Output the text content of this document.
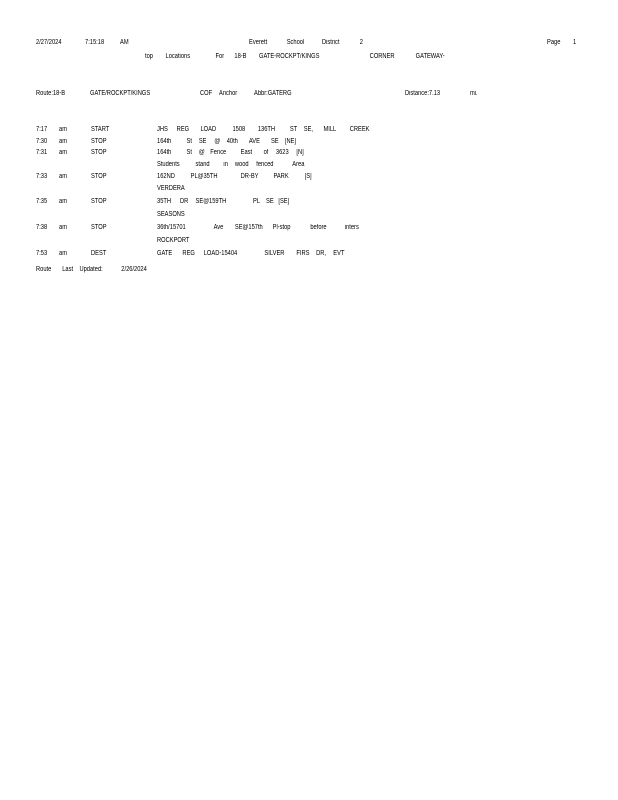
2/27/2024	7:15:18 AM	Everett	School	District	2	Page 1
top	Locations	For	18-B	GATE-ROCKPT/KINGS	CORNER	GATEWAY-
Route:18-B	GATE/ROCKPT/KINGS	COF Anchor Abbr:GATERG	Distance:7.13	mi.
7:17 am	START	JHS	REG	LOAD	1508	136TH	ST SE,	MILL	CREEK
7:30 am	STOP	164th	St SE	@ 40th	AVE	SE [NE]
7:31 am	STOP	164th	St @ Fence	East	of	3623	[N]
Students	stand	in	wood	fenced	Area
7:33 am	STOP	162ND	PL@35TH	DR-BY	PARK	[S]
VERDERA
7:35 am	STOP	35TH	DR	SE@159TH	PL SE [SE]
SEASONS
7:38 am	STOP	36th/15701	Ave	SE@157th	Pl-stop	before	inters
ROCKPORT
7:53 am	DEST	GATE	REG	LOAD-15404	SILVER	FIRS DR,	EVT
Route	Last Updated:	2/26/2024
